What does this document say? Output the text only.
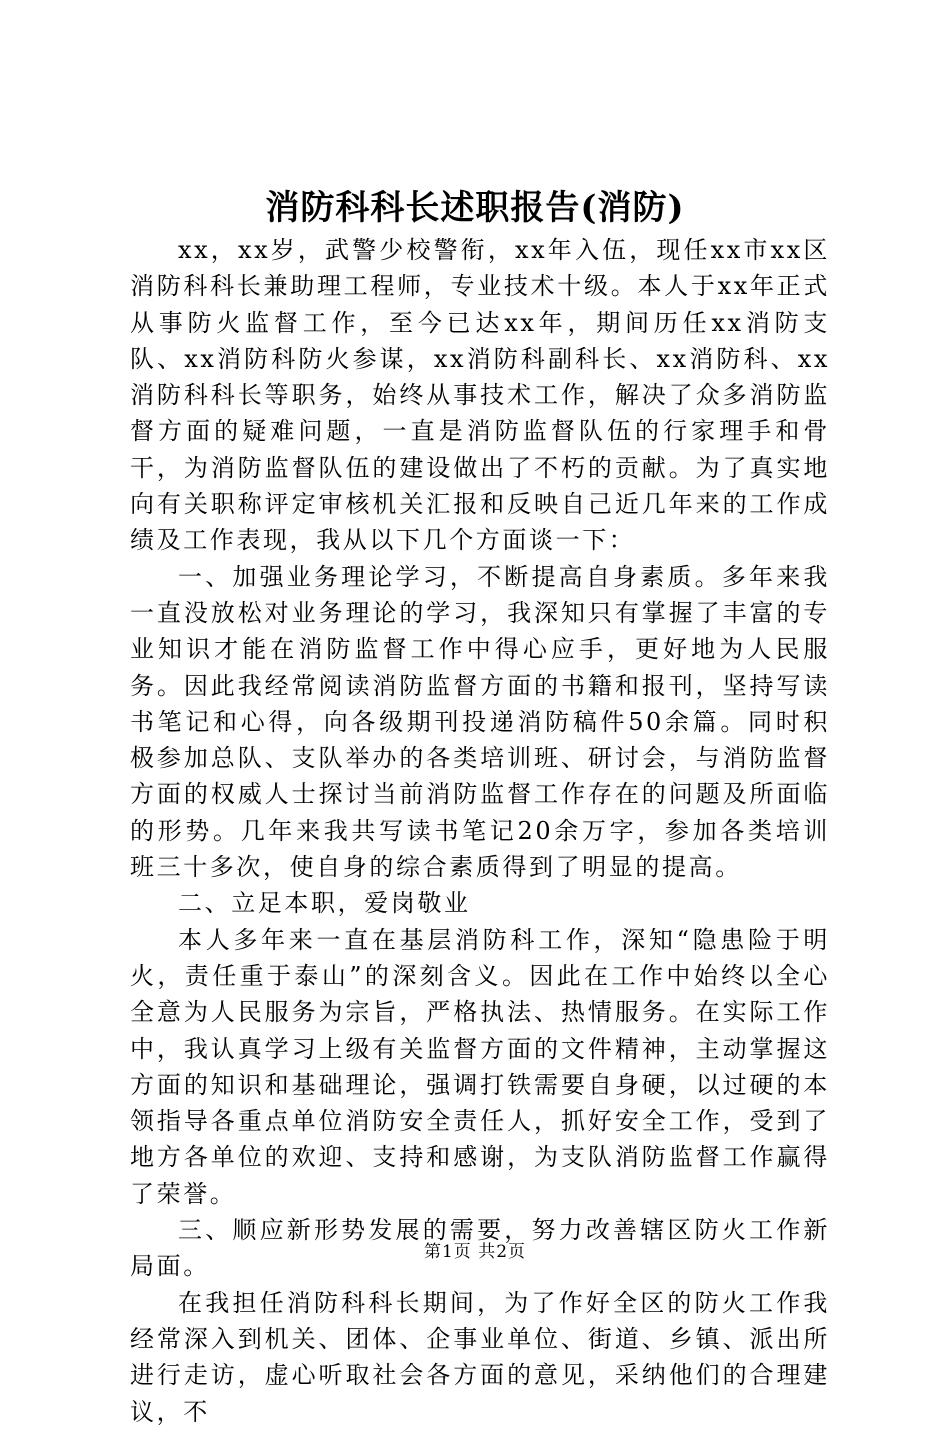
消防科科长述职报告(消防)

xx，xx岁，武警少校警衔，xx年入伍，现任xx市xx区消防科科长兼助理工程师，专业技术十级。本人于xx年正式从事防火监督工作，至今已达xx年，期间历任xx消防支队、xx消防科防火参谋，xx消防科副科长、xx消防科、xx消防科科长等职务，始终从事技术工作，解决了众多消防监督方面的疑难问题，一直是消防监督队伍的行家理手和骨干，为消防监督队伍的建设做出了不朽的贡献。为了真实地向有关职称评定审核机关汇报和反映自己近几年来的工作成绩及工作表现，我从以下几个方面谈一下：

一、加强业务理论学习，不断提高自身素质。多年来我一直没放松对业务理论的学习，我深知只有掌握了丰富的专业知识才能在消防监督工作中得心应手，更好地为人民服务。因此我经常阅读消防监督方面的书籍和报刊，坚持写读书笔记和心得，向各级期刊投递消防稿件50余篇。同时积极参加总队、支队举办的各类培训班、研讨会，与消防监督方面的权威人士探讨当前消防监督工作存在的问题及所面临的形势。几年来我共写读书笔记20余万字，参加各类培训班三十多次，使自身的综合素质得到了明显的提高。

二、立足本职，爱岗敬业

本人多年来一直在基层消防科工作，深知“隐患险于明火，责任重于泰山”的深刻含义。因此在工作中始终以全心全意为人民服务为宗旨，严格执法、热情服务。在实际工作中，我认真学习上级有关监督方面的文件精神，主动掌握这方面的知识和基础理论，强调打铁需要自身硬，以过硬的本领指导各重点单位消防安全责任人，抓好安全工作，受到了地方各单位的欢迎、支持和感谢，为支队消防监督工作赢得了荣誉。

三、顺应新形势发展的需要，努力改善辖区防火工作新局面。

在我担任消防科科长期间，为了作好全区的防火工作我经常深入到机关、团体、企事业单位、街道、乡镇、派出所进行走访，虚心听取社会各方面的意见，采纳他们的合理建议，不

第1页 共2页
